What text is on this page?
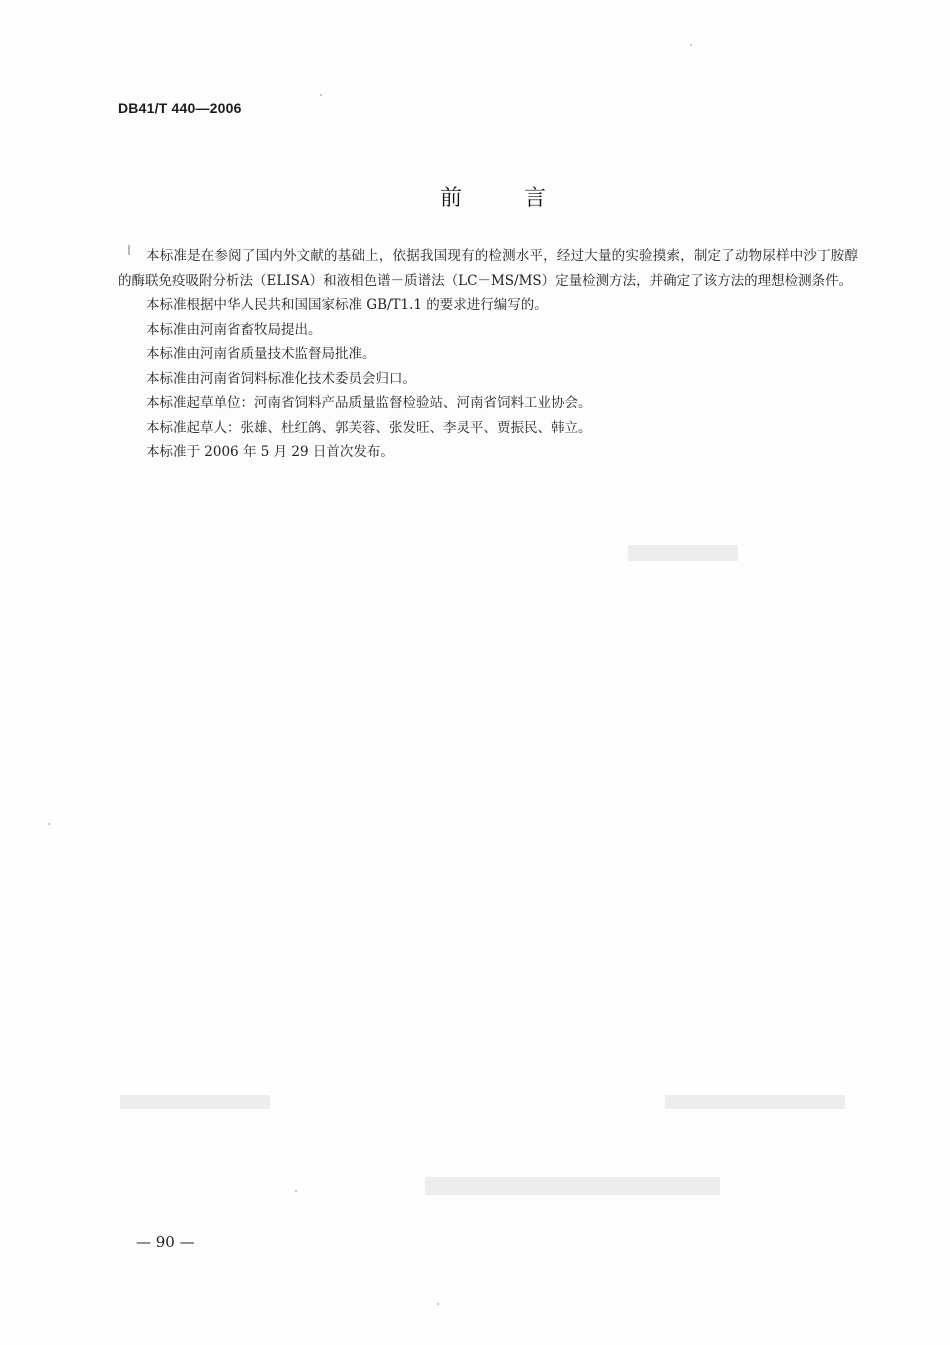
DB41/T 440—2006
前言

本标准是在参阅了国内外文献的基础上，依据我国现有的检测水平，经过大量的实验摸索，制定了动物尿样中沙丁胺醇的酶联免疫吸附分析法（ELISA）和液相色谱－质谱法（LC－MS/MS）定量检测方法，并确定了该方法的理想检测条件。

本标准根据中华人民共和国国家标准 GB/T1.1 的要求进行编写的。

本标准由河南省畜牧局提出。

本标准由河南省质量技术监督局批准。

本标准由河南省饲料标准化技术委员会归口。

本标准起草单位：河南省饲料产品质量监督检验站、河南省饲料工业协会。

本标准起草人：张雄、杜红鸽、郭芙蓉、张发旺、李灵平、贾振民、韩立。

本标准于 2006 年 5 月 29 日首次发布。

— 90 —
